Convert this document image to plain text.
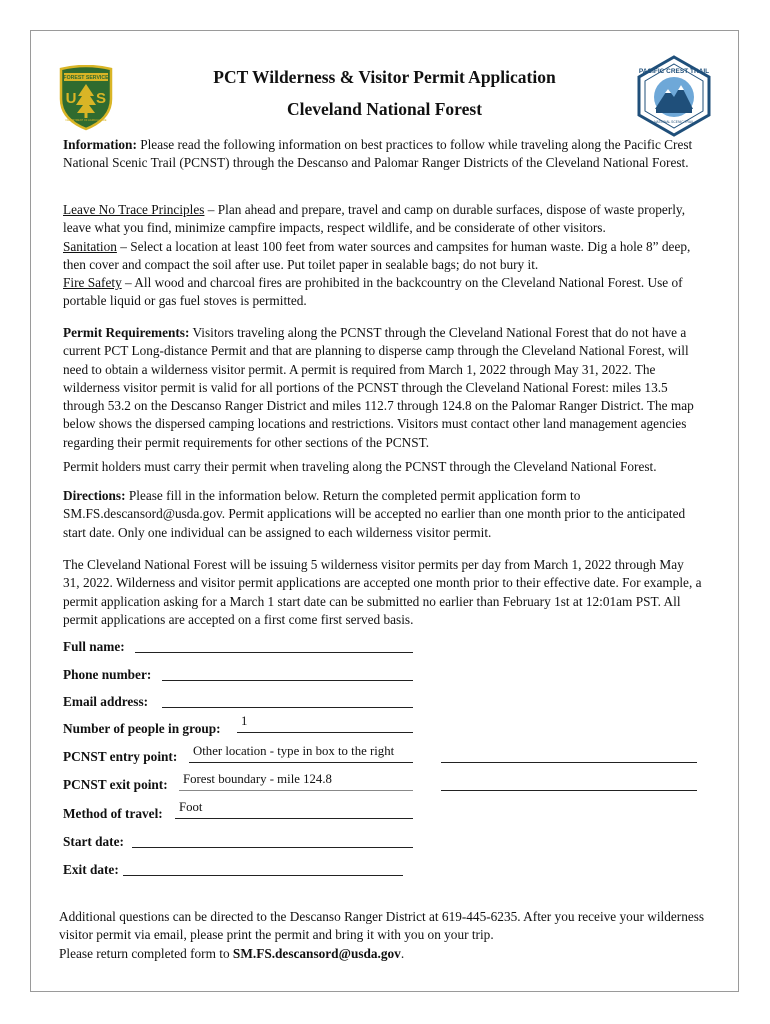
FOREST SERVICE
U S
DEPARTMENT OF AGRICULTURE
PACIFIC CREST TRAIL
NATIONAL SCENIC TRAIL
PCT Wilderness & Visitor Permit Application
Cleveland National Forest

Information: Please read the following information on best practices to follow while traveling along the Pacific Crest National Scenic Trail (PCNST) through the Descanso and Palomar Ranger Districts of the Cleveland National Forest.

Leave No Trace Principles – Plan ahead and prepare, travel and camp on durable surfaces, dispose of waste properly, leave what you find, minimize campfire impacts, respect wildlife, and be considerate of other visitors.

Sanitation – Select a location at least 100 feet from water sources and campsites for human waste. Dig a hole 8” deep, then cover and compact the soil after use. Put toilet paper in sealable bags; do not bury it.

Fire Safety – All wood and charcoal fires are prohibited in the backcountry on the Cleveland National Forest. Use of portable liquid or gas fuel stoves is permitted.

Permit Requirements: Visitors traveling along the PCNST through the Cleveland National Forest that do not have a current PCT Long-distance Permit and that are planning to disperse camp through the Cleveland National Forest, will need to obtain a wilderness visitor permit. A permit is required from March 1, 2022 through May 31, 2022. The wilderness visitor permit is valid for all portions of the PCNST through the Cleveland National Forest: miles 13.5 through 53.2 on the Descanso Ranger District and miles 112.7 through 124.8 on the Palomar Ranger District. The map below shows the dispersed camping locations and restrictions. Visitors must contact other land management agencies regarding their permit requirements for other sections of the PCNST.

Permit holders must carry their permit when traveling along the PCNST through the Cleveland National Forest.

Directions: Please fill in the information below. Return the completed permit application form to SM.FS.descansord@usda.gov. Permit applications will be accepted no earlier than one month prior to the anticipated start date. Only one individual can be assigned to each wilderness visitor permit.

The Cleveland National Forest will be issuing 5 wilderness visitor permits per day from March 1, 2022 through May 31, 2022. Wilderness and visitor permit applications are accepted one month prior to their effective date. For example, a permit application asking for a March 1 start date can be submitted no earlier than February 1st at 12:01am PST. All permit applications are accepted on a first come first served basis.
Full name:
Phone number:
Email address:
Number of people in group:	1
PCNST entry point:	Other location - type in box to the right
PCNST exit point:	Forest boundary - mile 124.8
Method of travel:	Foot
Start date:
Exit date:

Additional questions can be directed to the Descanso Ranger District at 619-445-6235. After you receive your wilderness visitor permit via email, please print the permit and bring it with you on your trip.

Please return completed form to SM.FS.descansord@usda.gov.
